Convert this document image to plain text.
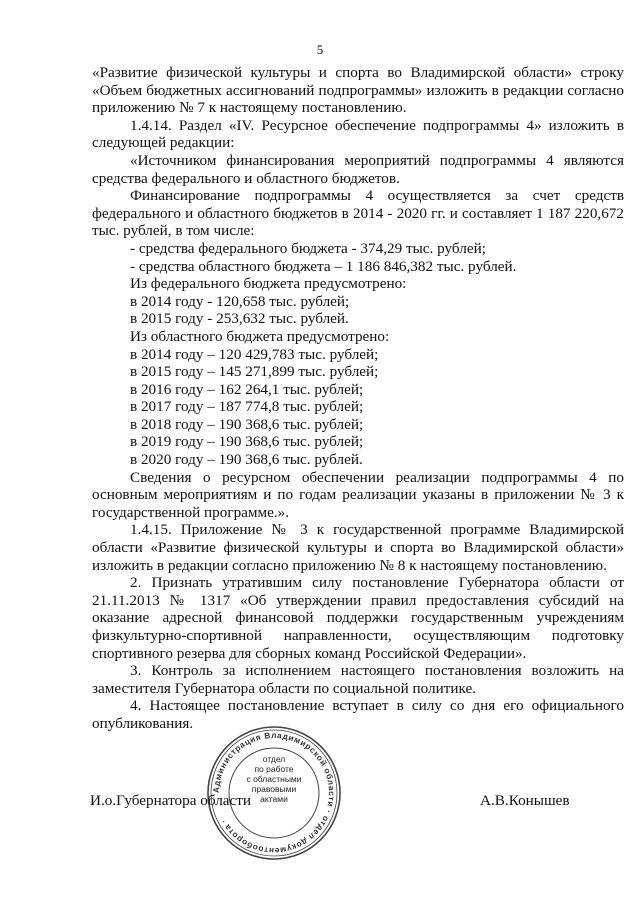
5

«Развитие физической культуры и спорта во Владимирской области» строку «Объем бюджетных ассигнований подпрограммы» изложить в редакции согласно приложению № 7 к настоящему постановлению.

1.4.14. Раздел «IV. Ресурсное обеспечение подпрограммы 4» изложить в следующей редакции:

«Источником финансирования мероприятий подпрограммы 4 являются средства федерального и областного бюджетов.

Финансирование подпрограммы 4 осуществляется за счет средств федерального и областного бюджетов в 2014 - 2020 гг. и составляет 1 187 220,672 тыс. рублей, в том числе:

- средства федерального бюджета - 374,29 тыс. рублей;

- средства областного бюджета – 1 186 846,382 тыс. рублей.

Из федерального бюджета предусмотрено:

в 2014 году - 120,658 тыс. рублей;

в 2015 году - 253,632 тыс. рублей.

Из областного бюджета предусмотрено:

в 2014 году – 120 429,783 тыс. рублей;

в 2015 году – 145 271,899 тыс. рублей;

в 2016 году – 162 264,1 тыс. рублей;

в 2017 году – 187 774,8 тыс. рублей;

в 2018 году – 190 368,6 тыс. рублей;

в 2019 году – 190 368,6 тыс. рублей;

в 2020 году – 190 368,6 тыс. рублей.

Сведения о ресурсном обеспечении реализации подпрограммы 4 по основным мероприятиям и по годам реализации указаны в приложении № 3 к государственной программе.».

1.4.15. Приложение № 3 к государственной программе Владимирской области «Развитие физической культуры и спорта во Владимирской области» изложить в редакции согласно приложению № 8 к настоящему постановлению.

2. Признать утратившим силу постановление Губернатора области от 21.11.2013 № 1317 «Об утверждении правил предоставления субсидий на оказание адресной финансовой поддержки государственным учреждениям физкультурно-спортивной направленности, осуществляющим подготовку спортивного резерва для сборных команд Российской Федерации».

3. Контроль за исполнением настоящего постановления возложить на заместителя Губернатора области по социальной политике.

4. Настоящее постановление вступает в силу со дня его официального опубликования.

Администрация Владимирской области · отдел документооборота ·
отдел
по работе
с областными
правовыми
актами
И.о.Губернатора области	А.В.Конышев
